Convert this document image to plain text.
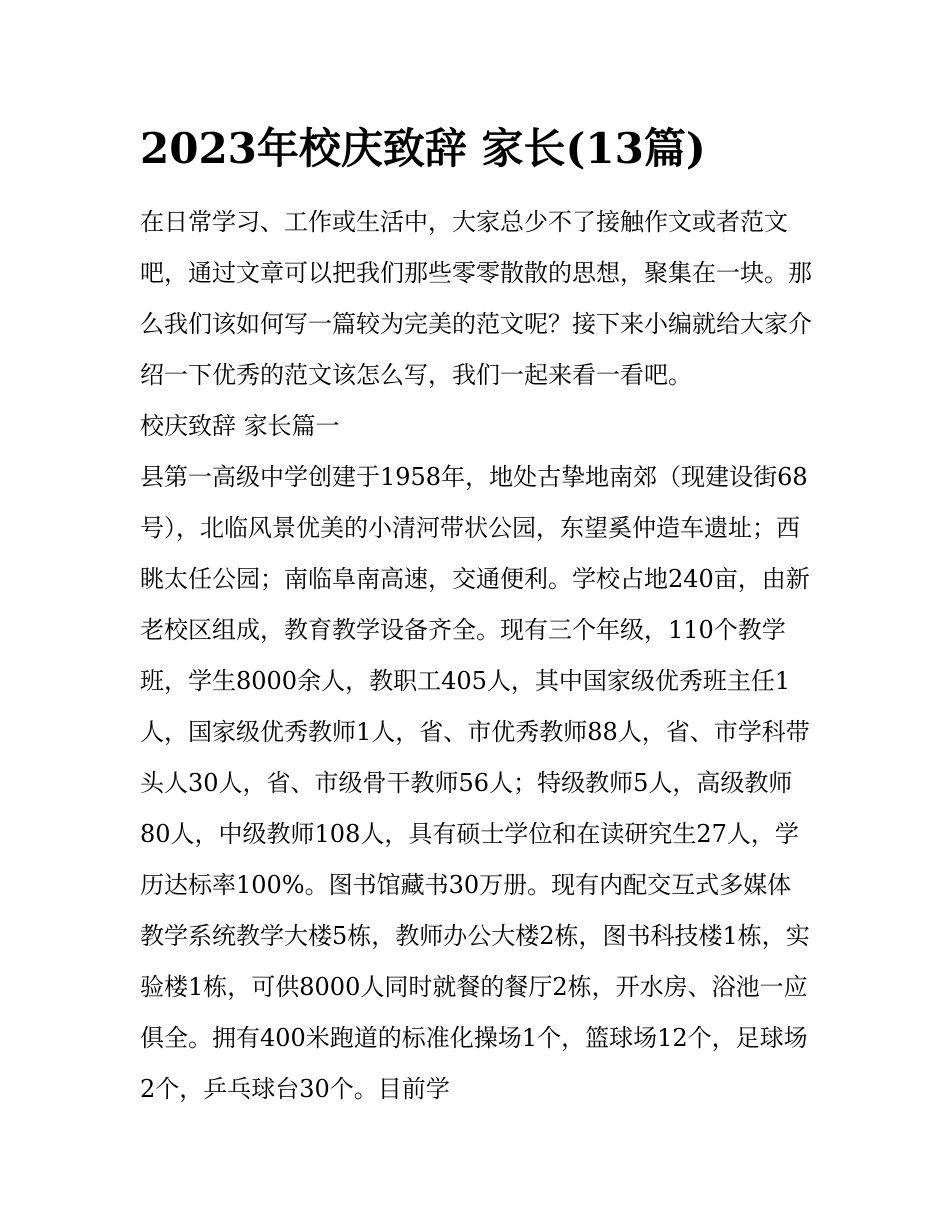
2023年校庆致辞 家长(13篇)

在日常学习、工作或生活中，大家总少不了接触作文或者范文吧，通过文章可以把我们那些零零散散的思想，聚集在一块。那么我们该如何写一篇较为完美的范文呢？接下来小编就给大家介绍一下优秀的范文该怎么写，我们一起来看一看吧。

校庆致辞 家长篇一

县第一高级中学创建于1958年，地处古挚地南郊（现建设街68号），北临风景优美的小清河带状公园，东望奚仲造车遗址；西眺太任公园；南临阜南高速，交通便利。学校占地240亩，由新老校区组成，教育教学设备齐全。现有三个年级，110个教学班，学生8000余人，教职工405人，其中国家级优秀班主任1人，国家级优秀教师1人，省、市优秀教师88人，省、市学科带头人30人，省、市级骨干教师56人；特级教师5人，高级教师80人，中级教师108人，具有硕士学位和在读研究生27人，学历达标率100%。图书馆藏书30万册。现有内配交互式多媒体教学系统教学大楼5栋，教师办公大楼2栋，图书科技楼1栋，实验楼1栋，可供8000人同时就餐的餐厅2栋，开水房、浴池一应俱全。拥有400米跑道的标准化操场1个，篮球场12个，足球场2个，乒乓球台30个。目前学
